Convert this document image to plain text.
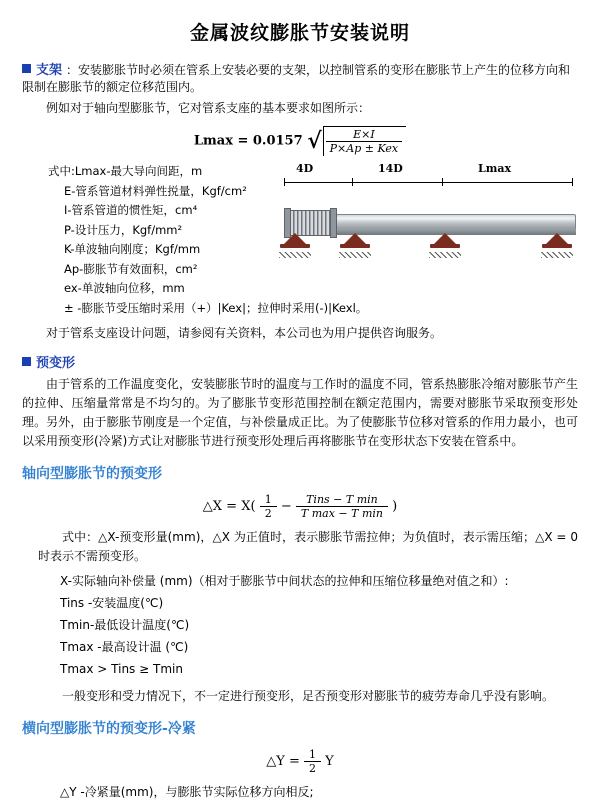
金属波纹膨胀节安装说明
支架 ：安装膨胀节时必须在管系上安装必要的支架，以控制管系的变形在膨胀节上产生的位移方向和限制在膨胀节的额定位移范围内。

例如对于轴向型膨胀节，它对管系支座的基本要求如图所示：

Lmax = 0.0157 √ $\frac{E\times I}{\text{P×Ap ± Kex}}$
式中:Lmax-最大导向间距，m
E-管系管道材料弹性捝量，Kgf/cm²
I-管系管道的惯性矩，cm⁴
P-设计压力，Kgf/mm²
K-单波轴向刚度；Kgf/mm
Ap-膨胀节有效面积，cm²
ex-单波轴向位移，mm
± -膨胀节受压缩时采用（+）|Kex|；拉伸时采用(-)|Kexl。
4D	14D	Lmax

对于管系支座设计问题，请参阅有关资料，本公司也为用户提供咨询服务。

预变形

由于管系的工作温度变化，安装膨胀节时的温度与工作时的温度不同，管系热膨胀冷缩对膨胀节产生的拉伸、压缩量常常是不均匀的。为了膨胀节变形范围控制在额定范围内，需要对膨胀节采取预变形处理。另外，由于膨胀节刚度是一个定值，与补偿量成正比。为了使膨胀节位移对管系的作用力最小，也可以采用预变形(冷紧)方式让对膨胀节进行预变形处理后再将膨胀节在变形状态下安装在管系中。

轴向型膨胀节的预变形
△X = $X( \frac{1}{2} - \frac{\text{Tins − T min}}{\text{T max − T min}}$ )

式中：△X-预变形量(mm)，△X 为正值时，表示膨胀节需拉伸；为负值时，表示需压缩；△X = 0 时表示不需预变形。

X-实际轴向补偿量 (mm)（相对于膨胀节中间状态的拉伸和压缩位移量绝对值之和）:
Tins -安装温度(℃)
Tmin-最低设计温度(℃)
Tmax -最高设计温 (℃)
Tmax > Tins ≥ Tmin

一般变形和受力情况下，不一定进行预变形，足否预变形对膨胀节的疲劳寿命几乎没有影响。

横向型膨胀节的预变形-冷紧
△Y = $\frac{1}{2}$ Y

△Y -冷紧量(mm)，与膨胀节实际位移方向相反;
